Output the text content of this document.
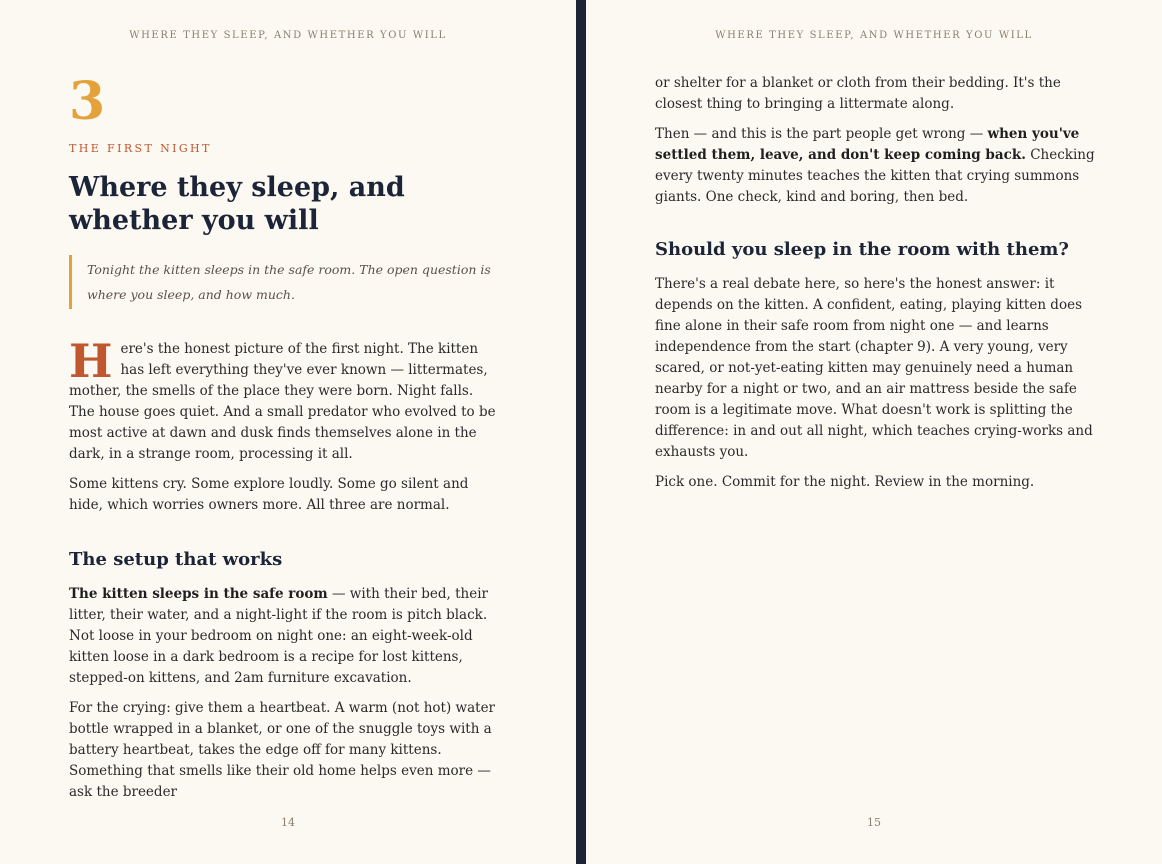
WHERE THEY SLEEP, AND WHETHER YOU WILL
3
THE FIRST NIGHT
Where they sleep, and whether you will
Tonight the kitten sleeps in the safe room. The open question is where you sleep, and how much.

Here's the honest picture of the first night. The kitten has left everything they've ever known — littermates, mother, the smells of the place they were born. Night falls. The house goes quiet. And a small predator who evolved to be most active at dawn and dusk finds themselves alone in the dark, in a strange room, processing it all.

Some kittens cry. Some explore loudly. Some go silent and hide, which worries owners more. All three are normal.

The setup that works

The kitten sleeps in the safe room — with their bed, their litter, their water, and a night-light if the room is pitch black. Not loose in your bedroom on night one: an eight-week-old kitten loose in a dark bedroom is a recipe for lost kittens, stepped-on kittens, and 2am furniture excavation.

For the crying: give them a heartbeat. A warm (not hot) water bottle wrapped in a blanket, or one of the snuggle toys with a battery heartbeat, takes the edge off for many kittens. Something that smells like their old home helps even more — ask the breeder

14
WHERE THEY SLEEP, AND WHETHER YOU WILL

or shelter for a blanket or cloth from their bedding. It's the closest thing to bringing a littermate along.

Then — and this is the part people get wrong — when you've settled them, leave, and don't keep coming back. Checking every twenty minutes teaches the kitten that crying summons giants. One check, kind and boring, then bed.

Should you sleep in the room with them?

There's a real debate here, so here's the honest answer: it depends on the kitten. A confident, eating, playing kitten does fine alone in their safe room from night one — and learns independence from the start (chapter 9). A very young, very scared, or not-yet-eating kitten may genuinely need a human nearby for a night or two, and an air mattress beside the safe room is a legitimate move. What doesn't work is splitting the difference: in and out all night, which teaches crying-works and exhausts you.

Pick one. Commit for the night. Review in the morning.

15
